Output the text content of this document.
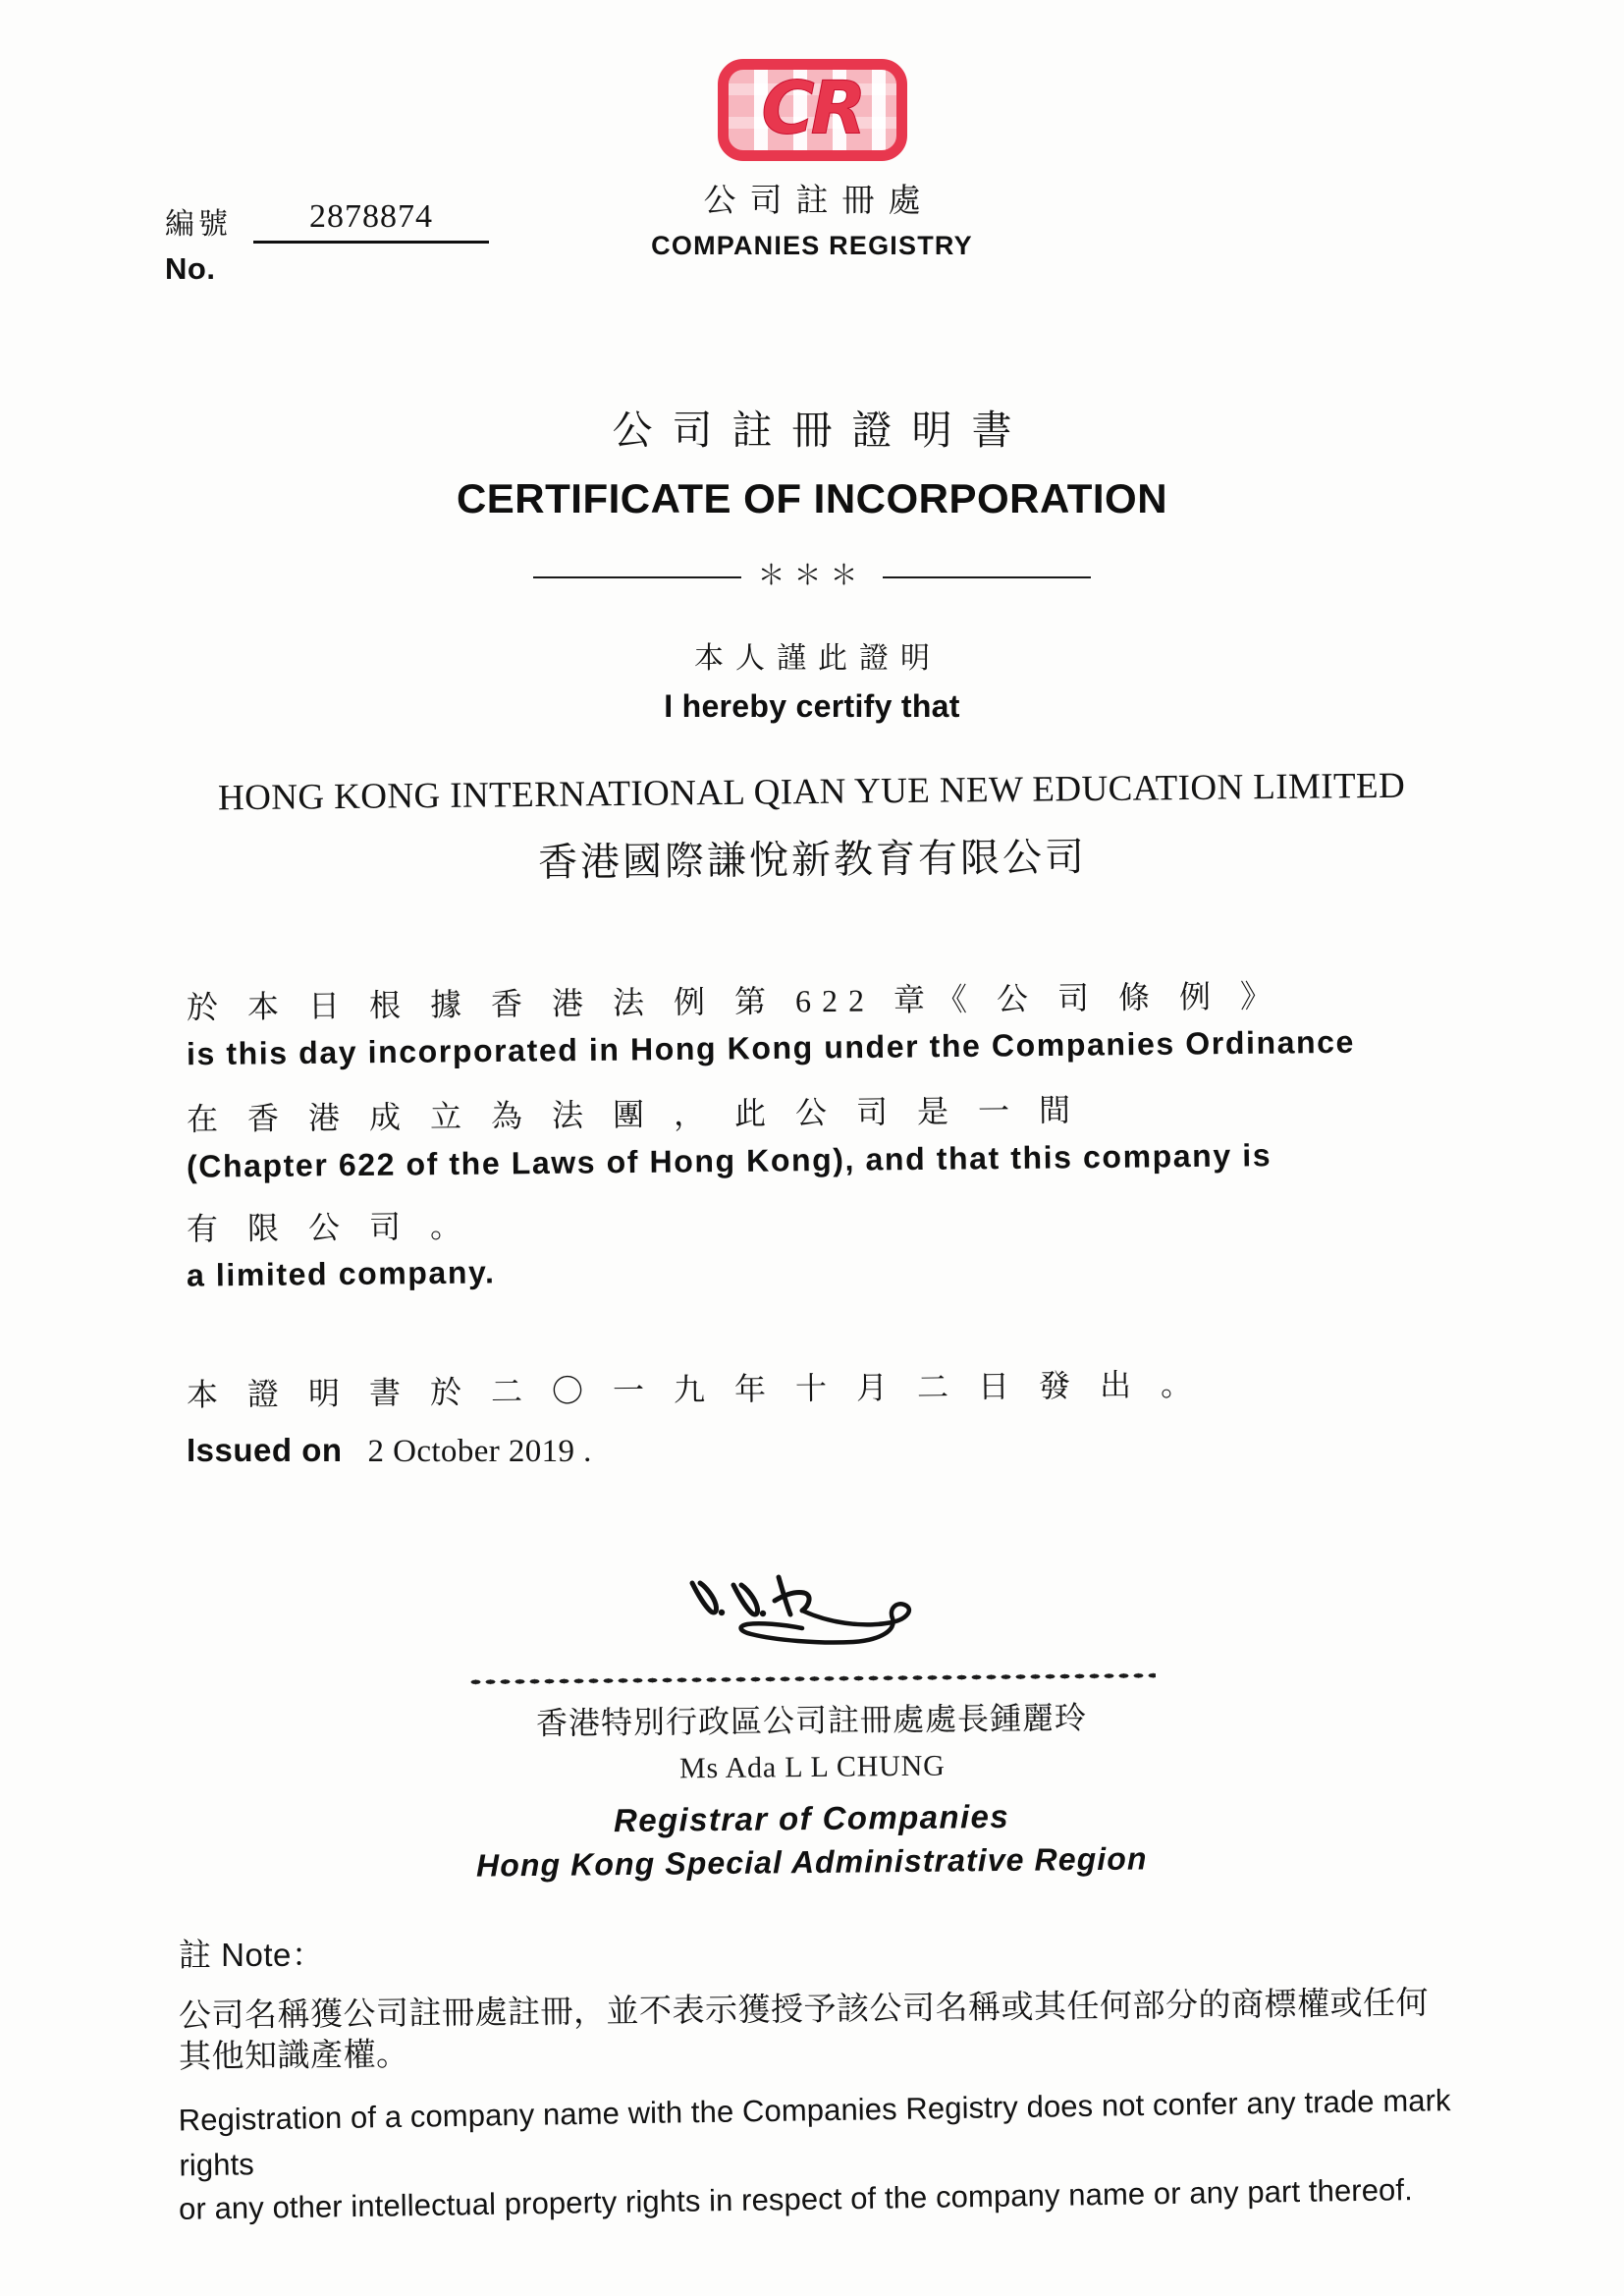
編號	2878874
No.
CR
公司註冊處
COMPANIES REGISTRY
公司註冊證明書
CERTIFICATE OF INCORPORATION
＊＊＊
本人謹此證明
I hereby certify that
HONG KONG INTERNATIONAL QIAN YUE NEW EDUCATION LIMITED
香港國際謙悅新教育有限公司
於 本 日 根 據 香 港 法 例 第 622 章《 公 司 條 例 》
is this day incorporated in Hong Kong under the Companies Ordinance
在 香 港 成 立 為 法 團 ， 此 公 司 是 一 間
(Chapter 622 of the Laws of Hong Kong), and that this company is
有 限 公 司 。
a limited company.
本 證 明 書 於 二 〇 一 九 年 十 月 二 日 發 出 。
Issued on 2 October 2019 .
香港特別行政區公司註冊處處長鍾麗玲
Ms Ada L L CHUNG
Registrar of Companies
Hong Kong Special Administrative Region
註 Note：
公司名稱獲公司註冊處註冊，並不表示獲授予該公司名稱或其任何部分的商標權或任何
其他知識產權。
Registration of a company name with the Companies Registry does not confer any trade mark rights
or any other intellectual property rights in respect of the company name or any part thereof.
